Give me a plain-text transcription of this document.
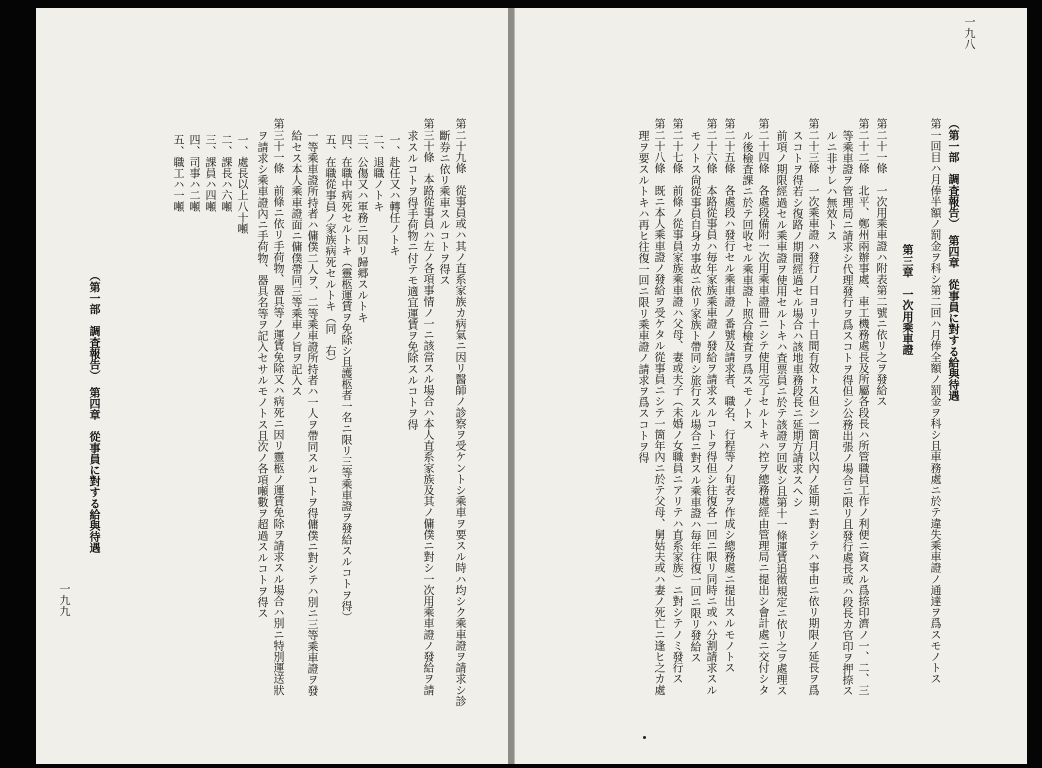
一九九
（第一部　調査報告）　第四章　從事員に對する給與待遇	第二十九條　從事員或ハ其ノ直系家族カ病氣ニ因リ醫師ノ診察ヲ受ケントシ乘車ヲ要スル時ハ均シク乘車證ヲ請求シ診
斷券ニ依リ乘車スルコトヲ得ス
第三十條　本路從事員ハ左ノ各項事情ノ一ニ該當スル場合ハ本人直系家族及其ノ傭僕ニ對シ一次用乘車證ノ發給ヲ請
求スルコトヲ得手荷物ニ付テモ適宜運賃ヲ免除スルコトヲ得
一、赴任又ハ轉任ノトキ
二、退職ノトキ
三、公傷又ハ軍務ニ因リ歸郷スルトキ
四、在職中病死セルトキ（靈柩運賃ヲ免除シ且護柩者一名ニ限リ三等乘車證ヲ發給スルコトヲ得）
五、在職從事員ノ家族病死セルトキ（同　右）
一等乘車證所持者ハ傭僕二人ヲ、二等乘車證所持者ハ一人ヲ帶同スルコトヲ得傭僕ニ對シテハ別ニ三等乘車證ヲ發
給セス本人乘車證面ニ傭僕帶同三等乘車ノ旨ヲ記入ス
第三十一條　前條ニ依リ手荷物、器具等ノ運賃免除又ハ病死ニ因リ靈柩ノ運賃免除ヲ請求スル場合ハ別ニ特別運送狀
ヲ請求シ乘車證內ニ手荷物、器具名等ヲ記入セサルモノトス且次ノ各項噸數ヲ超過スルコトヲ得ス
一、處長以上八十噸
二、課長ハ六噸
三、課員ハ四噸
四、司事ハ二噸
五、職工ハ一噸
一九八
（第一部　調査報告）　第四章　從事員に對する給與待遇
第一回目ハ月俸半額ノ罰金ヲ科シ第二回ハ月俸全額ノ罰金ヲ科シ且車務處ニ於テ違失乘車證ノ通達ヲ爲スモノトス
第三章　一次用乘車證
第二十一條　一次用乘車證ハ附表第二號ニ依リ之ヲ發給ス
第二十二條　北平、鄭州兩辦事處、車工機務處長及所屬各段長ハ所管職員工作ノ利便ニ資スル爲捺印濟ノ一、二、三
等乘車證ヲ管理局ニ請求シ代理發行ヲ爲スコトヲ得但シ公務出張ノ場合ニ限リ且發行處長或ハ段長カ官印ヲ押捺ス
ルニ非サレハ無效トス
第二十三條　一次乘車證ハ發行ノ日ヨリ十日間有效トス但シ一箇月以內ノ延期ニ對シテハ事由ニ依リ期限ノ延長ヲ爲
スコトヲ得若シ復路ノ期間經過セル場合ハ該地車務段長ニ延期方請求スヘシ
前項ノ期限經過セル乘車證ヲ使用セルトキハ査票員ニ於テ該證ヲ回收シ且第十一條運賃追徵規定ニ依リ之ヲ處理ス
第二十四條　各處段備附一次用乘車證冊ニシテ使用完了セルトキハ控ヲ總務處經由管理局ニ提出シ會計處ニ交付シタ
ル後檢査課ニ於テ回收セル乘車證ト照合檢査ヲ爲スモノトス
第二十五條　各處段ハ發行セル乘車證ノ番號及請求者、職名、行程等ノ旬表ヲ作成シ總務處ニ提出スルモノトス
第二十六條　本路從事員ハ毎年家族乘車證ノ發給ヲ請求スルコトヲ得但シ往復各一回ニ限リ同時ニ或ハ分割請求スル
モノトス尙從事員自身カ事故ニ依リ家族ト帶同シ旅行スル場合ニ對スル乘車證ハ毎年往復一回ニ限リ發給ス
第二十七條　前條ノ從事員家族乘車證ハ父母、妻或夫子（未婚ノ女職員ニアリテハ直系家族）ニ對シテノミ發行ス
第二十八條　既ニ本人乘車證ノ發給ヲ受ケタル從事員ニシテ一箇年內ニ於テ父母、舅姑夫或ハ妻ノ死亡ニ逢ヒ之カ處
理ヲ要スルトキハ再ヒ往復一回ニ限リ乘車證ノ請求ヲ爲スコトヲ得
